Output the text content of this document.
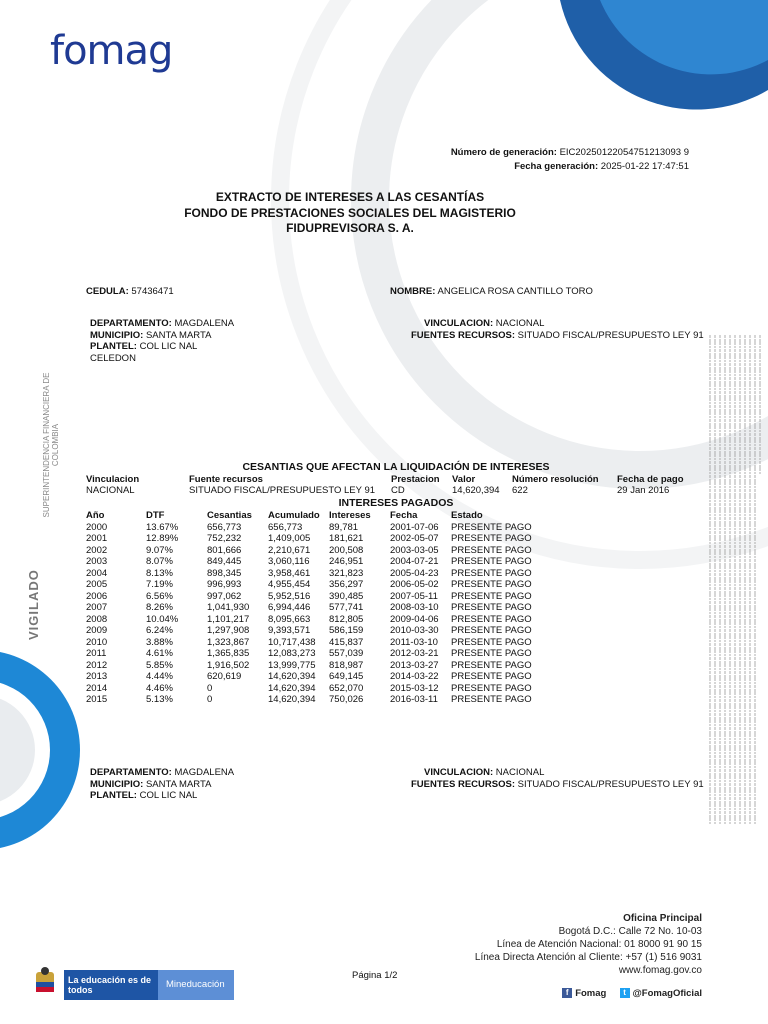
fomag
Número de generación: EIC20250122054751213093 9
Fecha generación: 2025-01-22 17:47:51
EXTRACTO DE INTERESES A LAS CESANTÍAS
FONDO DE PRESTACIONES SOCIALES DEL MAGISTERIO
FIDUPREVISORA S. A.
CEDULA: 57436471	NOMBRE: ANGELICA ROSA CANTILLO TORO
DEPARTAMENTO: MAGDALENA
MUNICIPIO: SANTA MARTA
PLANTEL: COL LIC NAL
CELEDON
VINCULACION: NACIONAL
FUENTES RECURSOS: SITUADO FISCAL/PRESUPUESTO LEY 91
CESANTIAS QUE AFECTAN LA LIQUIDACIÓN DE INTERESES
Vinculacion	Fuente recursos	Prestacion	Valor	Número resolución	Fecha de pago
NACIONAL	SITUADO FISCAL/PRESUPUESTO LEY 91	CD	14,620,394	622	29 Jan 2016
INTERESES PAGADOS
Año	DTF	Cesantias	Acumulado	Intereses	Fecha	Estado
2000	13.67%	656,773	656,773	89,781	2001-07-06	PRESENTE PAGO
2001	12.89%	752,232	1,409,005	181,621	2002-05-07	PRESENTE PAGO
2002	9.07%	801,666	2,210,671	200,508	2003-03-05	PRESENTE PAGO
2003	8.07%	849,445	3,060,116	246,951	2004-07-21	PRESENTE PAGO
2004	8.13%	898,345	3,958,461	321,823	2005-04-23	PRESENTE PAGO
2005	7.19%	996,993	4,955,454	356,297	2006-05-02	PRESENTE PAGO
2006	6.56%	997,062	5,952,516	390,485	2007-05-11	PRESENTE PAGO
2007	8.26%	1,041,930	6,994,446	577,741	2008-03-10	PRESENTE PAGO
2008	10.04%	1,101,217	8,095,663	812,805	2009-04-06	PRESENTE PAGO
2009	6.24%	1,297,908	9,393,571	586,159	2010-03-30	PRESENTE PAGO
2010	3.88%	1,323,867	10,717,438	415,837	2011-03-10	PRESENTE PAGO
2011	4.61%	1,365,835	12,083,273	557,039	2012-03-21	PRESENTE PAGO
2012	5.85%	1,916,502	13,999,775	818,987	2013-03-27	PRESENTE PAGO
2013	4.44%	620,619	14,620,394	649,145	2014-03-22	PRESENTE PAGO
2014	4.46%	0	14,620,394	652,070	2015-03-12	PRESENTE PAGO
2015	5.13%	0	14,620,394	750,026	2016-03-11	PRESENTE PAGO
DEPARTAMENTO: MAGDALENA
MUNICIPIO: SANTA MARTA
PLANTEL: COL LIC NAL
VINCULACION: NACIONAL
FUENTES RECURSOS: SITUADO FISCAL/PRESUPUESTO LEY 91
VIGILADO
SUPERINTENDENCIA FINANCIERA DE COLOMBIA
Oficina Principal
Bogotá D.C.: Calle 72 No. 10-03
Línea de Atención Nacional: 01 8000 91 90 15
Línea Directa Atención al Cliente: +57 (1) 516 9031
www.fomag.gov.co
Página 1/2
La educación es de todos	Mineducación
f Fomag t @FomagOficial
